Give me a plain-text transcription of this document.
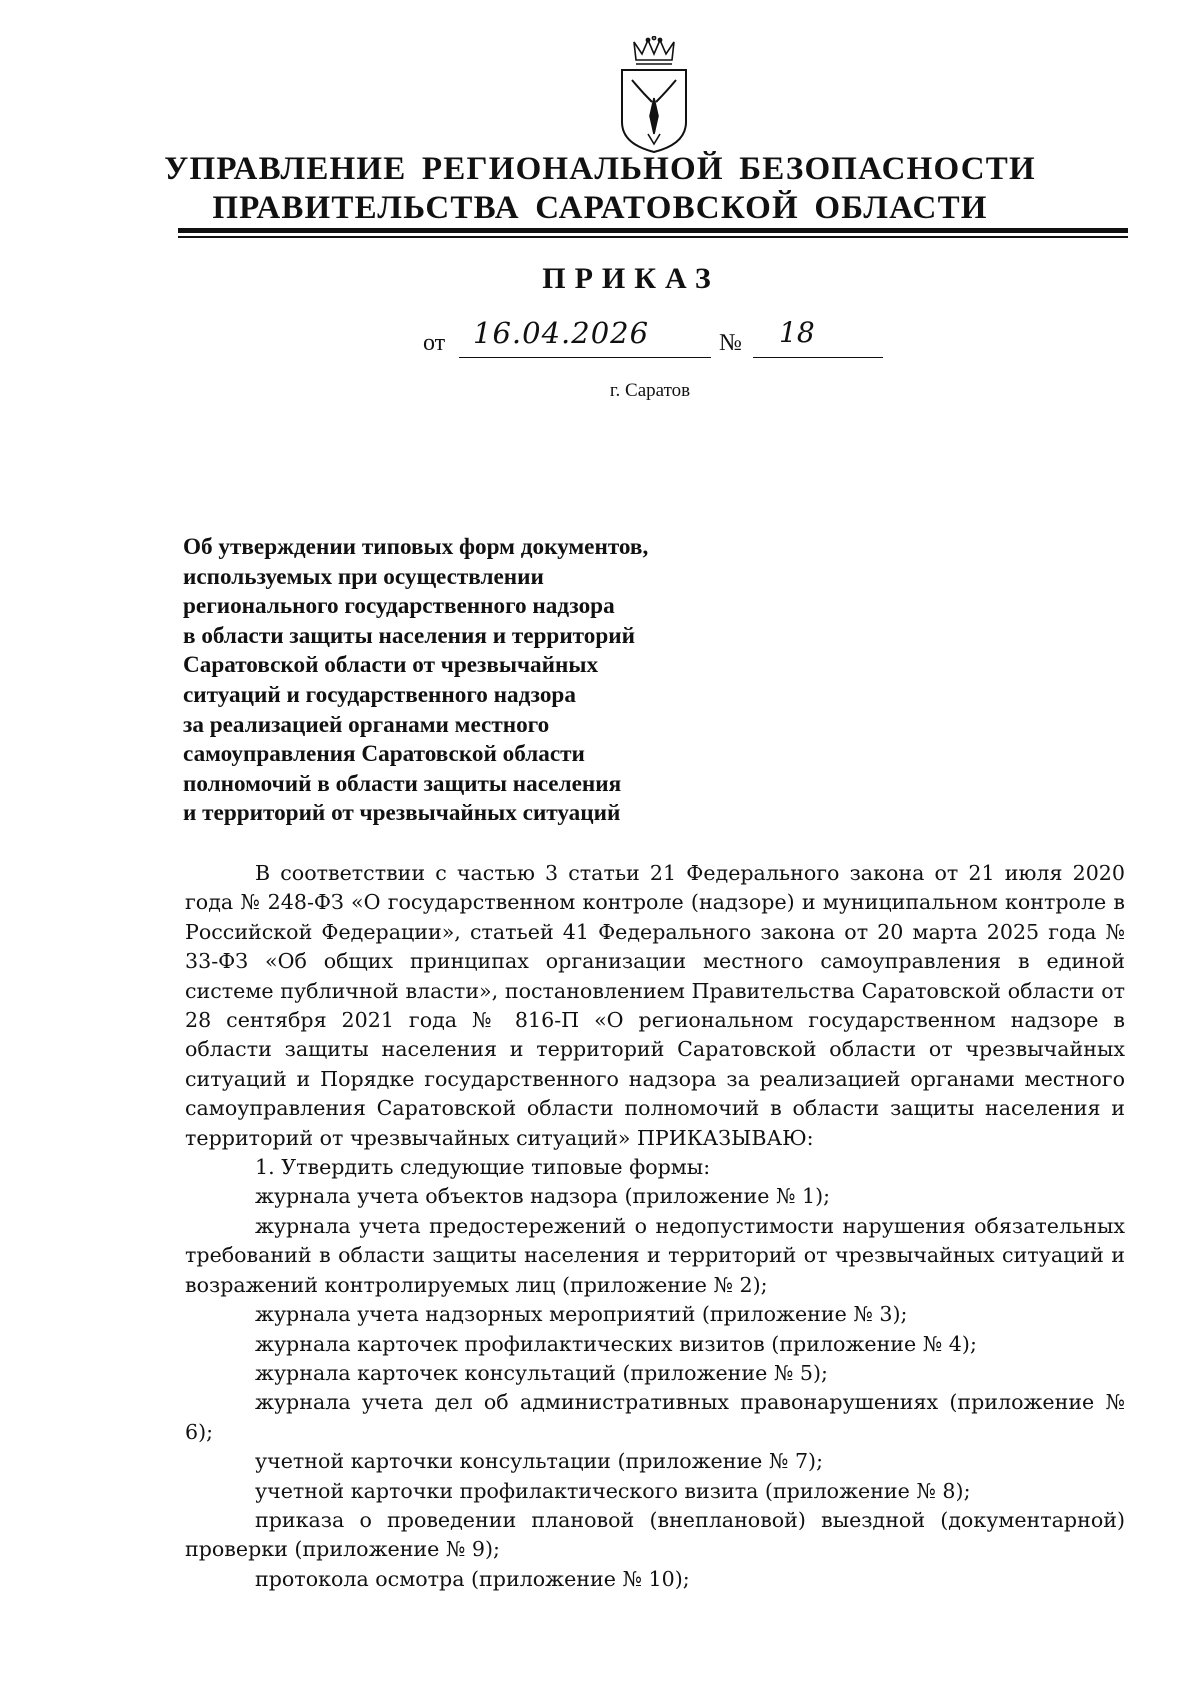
УПРАВЛЕНИЕ РЕГИОНАЛЬНОЙ БЕЗОПАСНОСТИ
ПРАВИТЕЛЬСТВА САРАТОВСКОЙ ОБЛАСТИ
ПРИКАЗ
от 16.04.2026	№	18
г. Саратов
Об утверждении типовых форм документов,
используемых при осуществлении
регионального государственного надзора
в области защиты населения и территорий
Саратовской области от чрезвычайных
ситуаций и государственного надзора
за реализацией органами местного
самоуправления Саратовской области
полномочий в области защиты населения
и территорий от чрезвычайных ситуаций

В соответствии с частью 3 статьи 21 Федерального закона от 21 июля 2020 года № 248-ФЗ «О государственном контроле (надзоре) и муниципальном контроле в Российской Федерации», статьей 41 Федерального закона от 20 марта 2025 года № 33-ФЗ «Об общих принципах организации местного самоуправления в единой системе публичной власти», постановлением Правительства Саратовской области от 28 сентября 2021 года № 816-П «О региональном государственном надзоре в области защиты населения и территорий Саратовской области от чрезвычайных ситуаций и Порядке государственного надзора за реализацией органами местного самоуправления Саратовской области полномочий в области защиты населения и территорий от чрезвычайных ситуаций» ПРИКАЗЫВАЮ:

1. Утвердить следующие типовые формы:

журнала учета объектов надзора (приложение № 1);

журнала учета предостережений о недопустимости нарушения обязательных требований в области защиты населения и территорий от чрезвычайных ситуаций и возражений контролируемых лиц (приложение № 2);

журнала учета надзорных мероприятий (приложение № 3);

журнала карточек профилактических визитов (приложение № 4);

журнала карточек консультаций (приложение № 5);

журнала учета дел об административных правонарушениях (приложение № 6);

учетной карточки консультации (приложение № 7);

учетной карточки профилактического визита (приложение № 8);

приказа о проведении плановой (внеплановой) выездной (документарной) проверки (приложение № 9);

протокола осмотра (приложение № 10);
